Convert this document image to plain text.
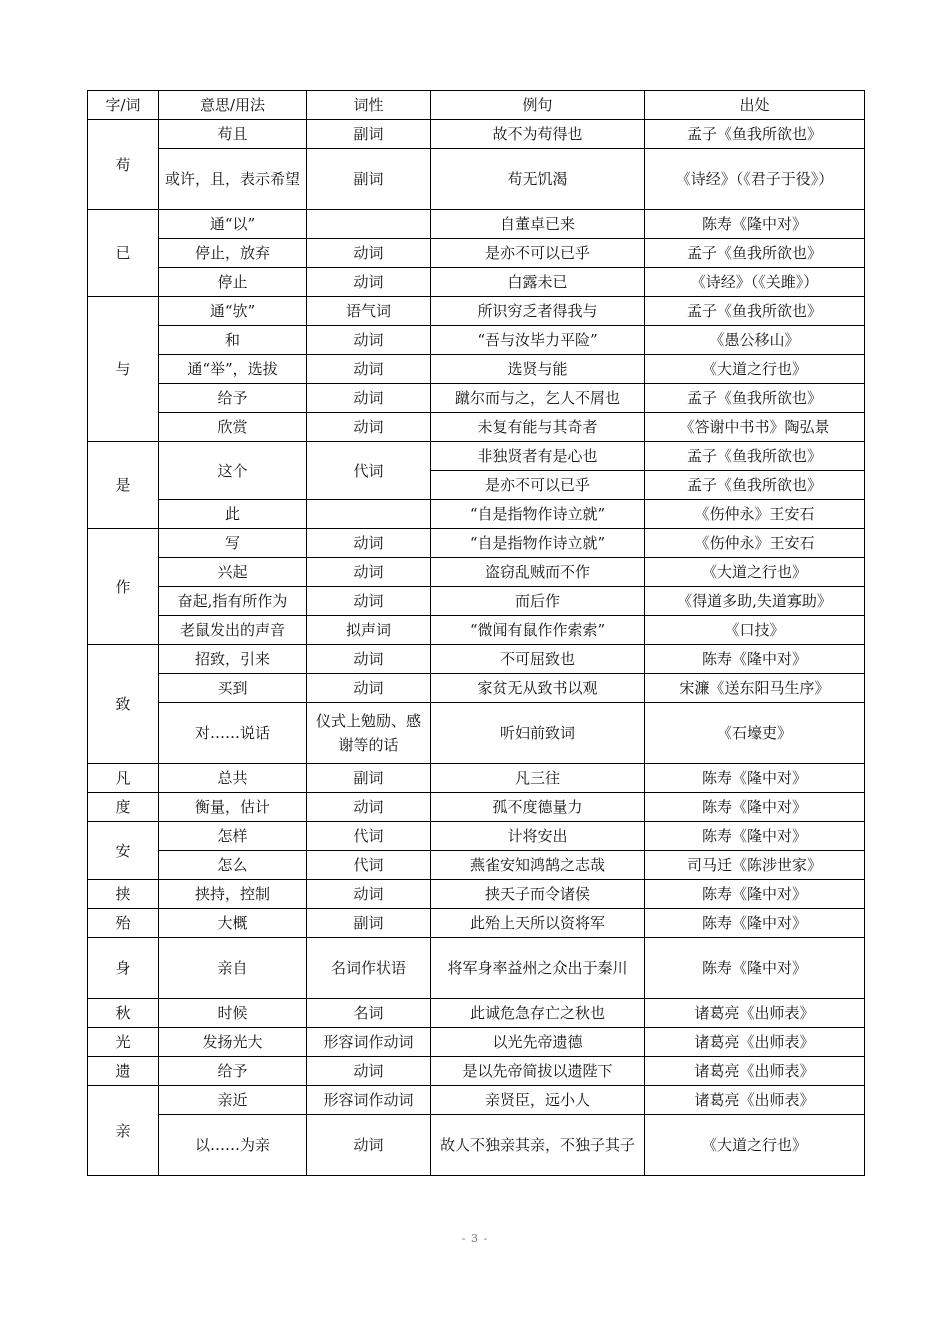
字/词	意思/用法	词性	例句	出处
苟	苟且	副词	故不为苟得也	孟子《鱼我所欲也》
	或许，且，表示希望	副词	苟无饥渴	《诗经》（《君子于役》）
已	通“以”		自董卓已来	陈寿《隆中对》
	停止，放弃	动词	是亦不可以已乎	孟子《鱼我所欲也》
	停止	动词	白露未已	《诗经》（《关雎》）
与	通“欤”	语气词	所识穷乏者得我与	孟子《鱼我所欲也》
	和	动词	“吾与汝毕力平险”	《愚公移山》
	通“举”，选拔	动词	选贤与能	《大道之行也》
	给予	动词	蹴尔而与之，乞人不屑也	孟子《鱼我所欲也》
	欣赏	动词	未复有能与其奇者	《答谢中书书》陶弘景
是	这个	代词	非独贤者有是心也	孟子《鱼我所欲也》
			是亦不可以已乎	孟子《鱼我所欲也》
	此		“自是指物作诗立就”	《伤仲永》王安石
作	写	动词	“自是指物作诗立就”	《伤仲永》王安石
	兴起	动词	盗窃乱贼而不作	《大道之行也》
	奋起,指有所作为	动词	而后作	《得道多助,失道寡助》
	老鼠发出的声音	拟声词	“微闻有鼠作作索索”	《口技》
致	招致，引来	动词	不可屈致也	陈寿《隆中对》
	买到	动词	家贫无从致书以观	宋濂《送东阳马生序》
	对……说话	仪式上勉励、感谢等的话	听妇前致词	《石壕吏》
凡	总共	副词	凡三往	陈寿《隆中对》
度	衡量，估计	动词	孤不度德量力	陈寿《隆中对》
安	怎样	代词	计将安出	陈寿《隆中对》
	怎么	代词	燕雀安知鸿鹄之志哉	司马迁《陈涉世家》
挟	挟持，控制	动词	挟天子而令诸侯	陈寿《隆中对》
殆	大概	副词	此殆上天所以资将军	陈寿《隆中对》
身	亲自	名词作状语	将军身率益州之众出于秦川	陈寿《隆中对》
秋	时候	名词	此诚危急存亡之秋也	诸葛亮《出师表》
光	发扬光大	形容词作动词	以光先帝遗德	诸葛亮《出师表》
遗	给予	动词	是以先帝简拔以遗陛下	诸葛亮《出师表》
亲	亲近	形容词作动词	亲贤臣，远小人	诸葛亮《出师表》
	以……为亲	动词	故人不独亲其亲，不独子其子	《大道之行也》
- 3 -
